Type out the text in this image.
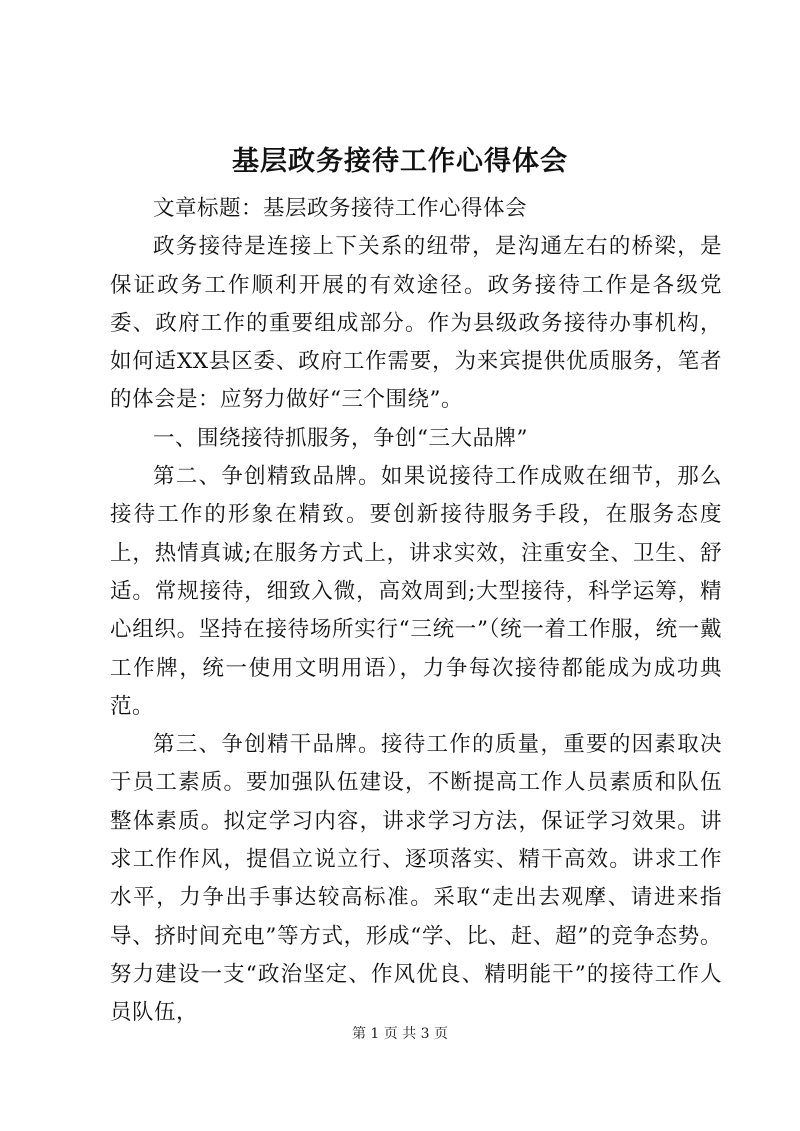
基层政务接待工作心得体会

文章标题：基层政务接待工作心得体会

政务接待是连接上下关系的纽带，是沟通左右的桥梁，是保证政务工作顺利开展的有效途径。政务接待工作是各级党委、政府工作的重要组成部分。作为县级政务接待办事机构，如何适XX县区委、政府工作需要，为来宾提供优质服务，笔者的体会是：应努力做好“三个围绕”。

一、围绕接待抓服务，争创“三大品牌”

第二、争创精致品牌。如果说接待工作成败在细节，那么接待工作的形象在精致。要创新接待服务手段，在服务态度上，热情真诚;在服务方式上，讲求实效，注重安全、卫生、舒适。常规接待，细致入微，高效周到;大型接待，科学运筹，精心组织。坚持在接待场所实行“三统一”（统一着工作服，统一戴工作牌，统一使用文明用语），力争每次接待都能成为成功典范。

第三、争创精干品牌。接待工作的质量，重要的因素取决于员工素质。要加强队伍建设，不断提高工作人员素质和队伍整体素质。拟定学习内容，讲求学习方法，保证学习效果。讲求工作作风，提倡立说立行、逐项落实、精干高效。讲求工作水平，力争出手事达较高标准。采取“走出去观摩、请进来指导、挤时间充电”等方式，形成“学、比、赶、超”的竞争态势。努力建设一支“政治坚定、作风优良、精明能干”的接待工作人员队伍，

第 1 页 共 3 页
